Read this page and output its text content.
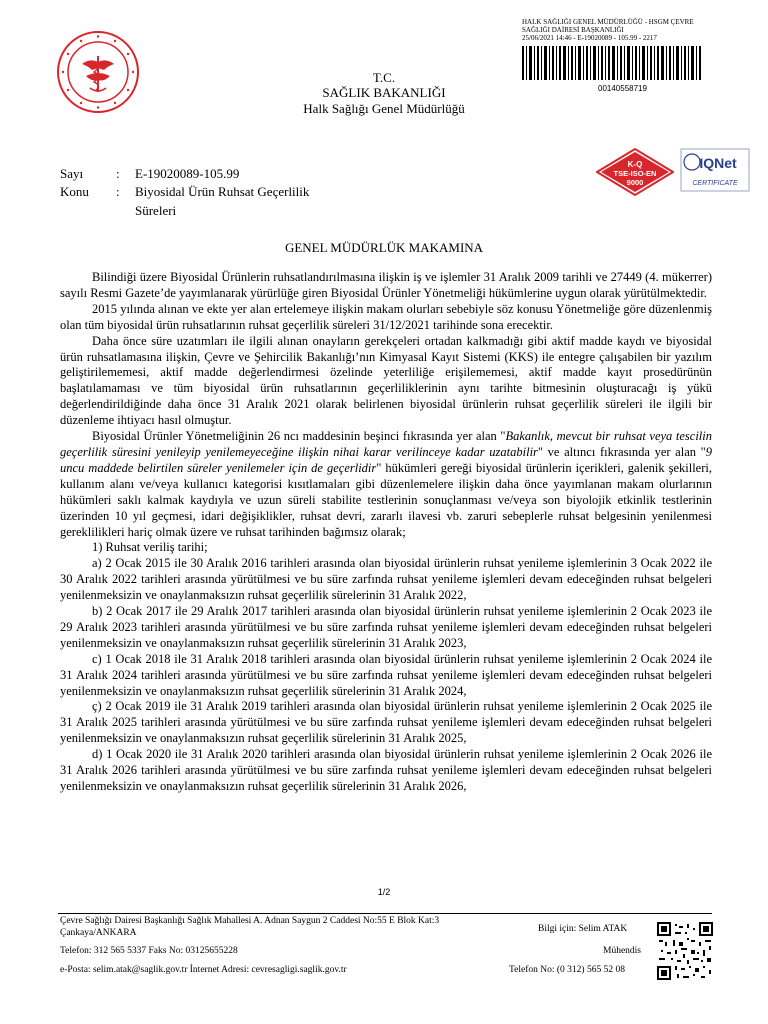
HALK SAĞLIĞI GENEL MÜDÜRLÜĞÜ - HSGM ÇEVRE
SAĞLIĞI DAİRESİ BAŞKANLIĞI
25/06/2021 14:46 - E-19020089 - 105.99 - 2217
00140558719
T.C.
SAĞLIK BAKANLIĞI
Halk Sağlığı Genel Müdürlüğü
Sayı	: E-19020089-105.99
Konu : Biyosidal Ürün Ruhsat Geçerlilik
Süreleri
K-Q
TSE-ISO-EN
9000
IQNet
CERTIFICATE
GENEL MÜDÜRLÜK MAKAMINA

Bilindiği üzere Biyosidal Ürünlerin ruhsatlandırılmasına ilişkin iş ve işlemler 31 Aralık 2009 tarihli ve 27449 (4. mükerrer) sayılı Resmi Gazete’de yayımlanarak yürürlüğe giren Biyosidal Ürünler Yönetmeliği hükümlerine uygun olarak yürütülmektedir.

2015 yılında alınan ve ekte yer alan ertelemeye ilişkin makam olurları sebebiyle söz konusu Yönetmeliğe göre düzenlenmiş olan tüm biyosidal ürün ruhsatlarının ruhsat geçerlilik süreleri 31/12/2021 tarihinde sona erecektir.

Daha önce süre uzatımları ile ilgili alınan onayların gerekçeleri ortadan kalkmadığı gibi aktif madde kaydı ve biyosidal ürün ruhsatlamasına ilişkin, Çevre ve Şehircilik Bakanlığı’nın Kimyasal Kayıt Sistemi (KKS) ile entegre çalışabilen bir yazılım geliştirilememesi, aktif madde değerlendirmesi özelinde yeterliliğe erişilememesi, aktif madde kayıt prosedürünün başlatılamaması ve tüm biyosidal ürün ruhsatlarının geçerliliklerinin aynı tarihte bitmesinin oluşturacağı iş yükü değerlendirildiğinde daha önce 31 Aralık 2021 olarak belirlenen biyosidal ürünlerin ruhsat geçerlilik süreleri ile ilgili bir düzenleme ihtiyacı hasıl olmuştur.

Biyosidal Ürünler Yönetmeliğinin 26 ncı maddesinin beşinci fıkrasında yer alan "Bakanlık, mevcut bir ruhsat veya tescilin geçerlilik süresini yenileyip yenilemeyeceğine ilişkin nihai karar verilinceye kadar uzatabilir" ve altıncı fıkrasında yer alan "9 uncu maddede belirtilen süreler yenilemeler için de geçerlidir" hükümleri gereği biyosidal ürünlerin içerikleri, galenik şekilleri, kullanım alanı ve/veya kullanıcı kategorisi kısıtlamaları gibi düzenlemelere ilişkin daha önce yayımlanan makam olurlarının hükümleri saklı kalmak kaydıyla ve uzun süreli stabilite testlerinin sonuçlanması ve/veya son biyolojik etkinlik testlerinin üzerinden 10 yıl geçmesi, idari değişiklikler, ruhsat devri, zararlı ilavesi vb. zaruri sebeplerle ruhsat belgesinin yenilenmesi gereklilikleri hariç olmak üzere ve ruhsat tarihinden bağımsız olarak;

1) Ruhsat veriliş tarihi;

a) 2 Ocak 2015 ile 30 Aralık 2016 tarihleri arasında olan biyosidal ürünlerin ruhsat yenileme işlemlerinin 3 Ocak 2022 ile 30 Aralık 2022 tarihleri arasında yürütülmesi ve bu süre zarfında ruhsat yenileme işlemleri devam edeceğinden ruhsat belgeleri yenilenmeksizin ve onaylanmaksızın ruhsat geçerlilik sürelerinin 31 Aralık 2022,

b) 2 Ocak 2017 ile 29 Aralık 2017 tarihleri arasında olan biyosidal ürünlerin ruhsat yenileme işlemlerinin 2 Ocak 2023 ile 29 Aralık 2023 tarihleri arasında yürütülmesi ve bu süre zarfında ruhsat yenileme işlemleri devam edeceğinden ruhsat belgeleri yenilenmeksizin ve onaylanmaksızın ruhsat geçerlilik sürelerinin 31 Aralık 2023,

c) 1 Ocak 2018 ile 31 Aralık 2018 tarihleri arasında olan biyosidal ürünlerin ruhsat yenileme işlemlerinin 2 Ocak 2024 ile 31 Aralık 2024 tarihleri arasında yürütülmesi ve bu süre zarfında ruhsat yenileme işlemleri devam edeceğinden ruhsat belgeleri yenilenmeksizin ve onaylanmaksızın ruhsat geçerlilik sürelerinin 31 Aralık 2024,

ç) 2 Ocak 2019 ile 31 Aralık 2019 tarihleri arasında olan biyosidal ürünlerin ruhsat yenileme işlemlerinin 2 Ocak 2025 ile 31 Aralık 2025 tarihleri arasında yürütülmesi ve bu süre zarfında ruhsat yenileme işlemleri devam edeceğinden ruhsat belgeleri yenilenmeksizin ve onaylanmaksızın ruhsat geçerlilik sürelerinin 31 Aralık 2025,

d) 1 Ocak 2020 ile 31 Aralık 2020 tarihleri arasında olan biyosidal ürünlerin ruhsat yenileme işlemlerinin 2 Ocak 2026 ile 31 Aralık 2026 tarihleri arasında yürütülmesi ve bu süre zarfında ruhsat yenileme işlemleri devam edeceğinden ruhsat belgeleri yenilenmeksizin ve onaylanmaksızın ruhsat geçerlilik sürelerinin 31 Aralık 2026,

1/2
Çevre Sağlığı Dairesi Başkanlığı Sağlık Mahallesi A. Adnan Saygun 2 Caddesi No:55 E Blok Kat:3 Çankaya/ANKARA
Telefon: 312 565 5337 Faks No: 03125655228
e-Posta: selim.atak@saglik.gov.tr İnternet Adresi: cevresagligi.saglik.gov.tr
Bilgi için: Selim ATAK
Mühendis
Telefon No: (0 312) 565 52 08
